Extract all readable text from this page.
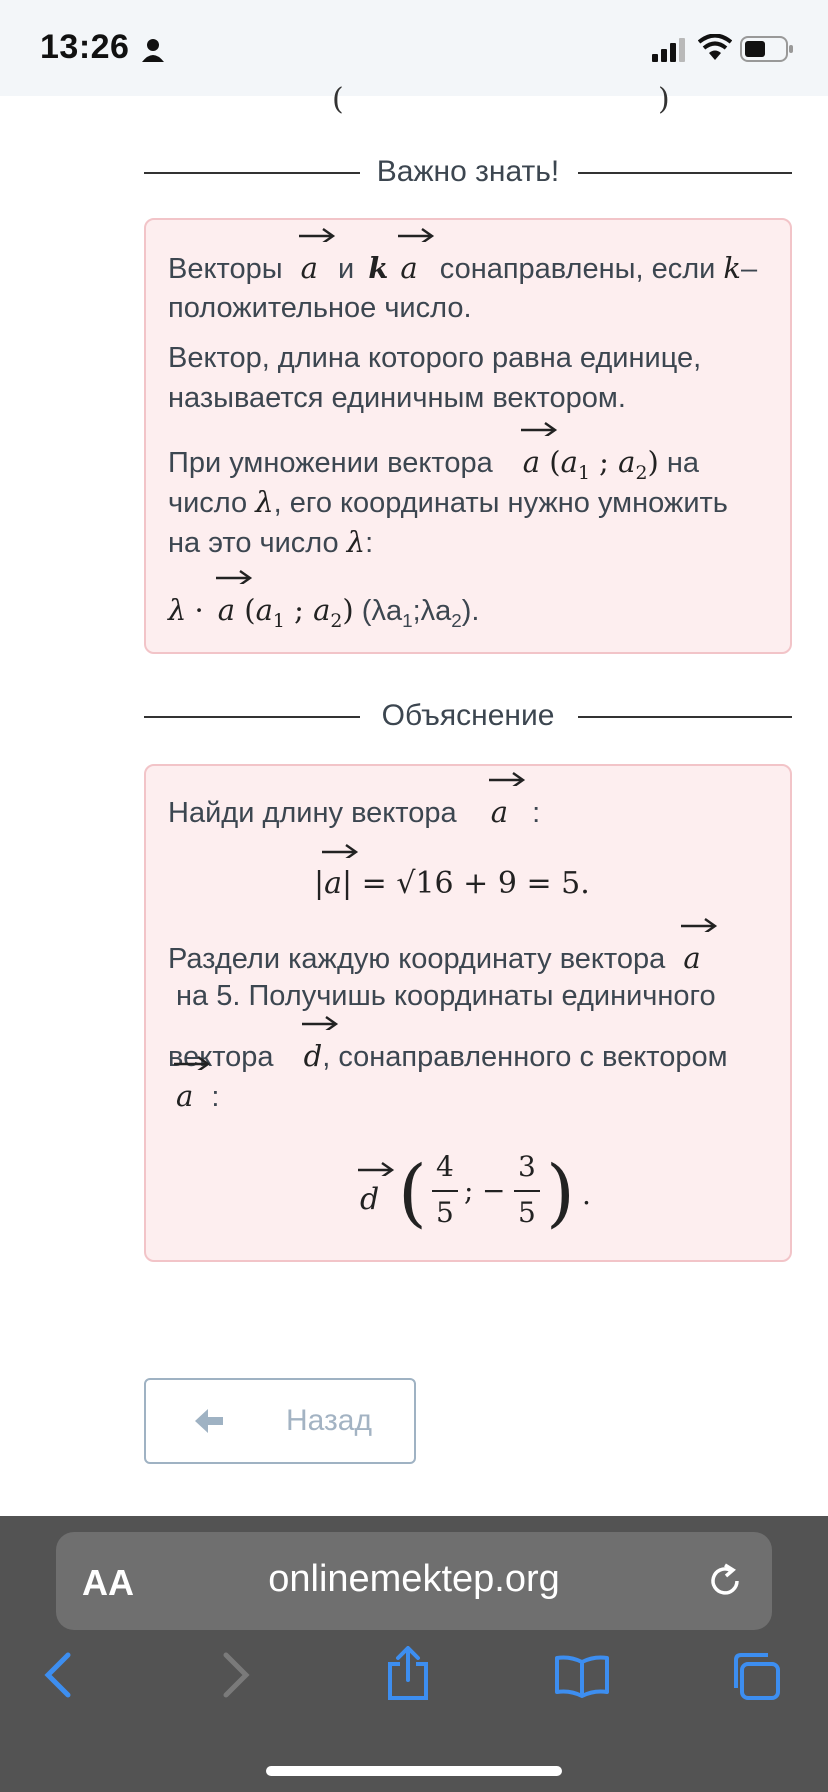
13:26
(	)
Важно знать!
Векторы a и k a сонаправлены, если k–
положительное число.
Вектор, длина которого равна единице,
называется единичным вектором.
При умножении вектора a
($a_1$ ; $a_2$) на
число λ, его координаты нужно умножить
на это число λ:
λ · a
($a_1$ ; $a_2$) $(\lambda a_1;\lambda a_2)$.
Объяснение
Найди длину вектора a :
|a
| = √16 + 9 = 5.
Раздели каждую координату вектора a
на 5. Получишь координаты единичного
вектора d
, сонаправленного с вектором
a :
d ( 4
5
; −
3
5 ) .
Назад
AA	onlinemektep.org
